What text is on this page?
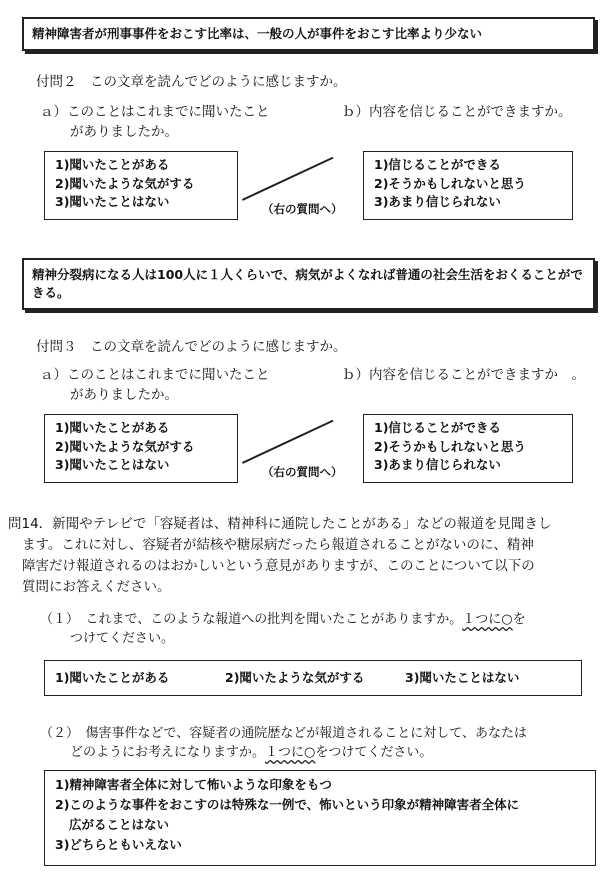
精神障害者が刑事事件をおこす比率は、一般の人が事件をおこす比率より少ない
付問２　この文章を読んでどのように感じますか。
ａ）このことはこれまでに聞いたこと
がありましたか。
ｂ）内容を信じることができますか。
1)聞いたことがある
2)聞いたような気がする
3)聞いたことはない	（右の質問へ）
1)信じることができる
2)そうかもしれないと思う
3)あまり信じられない
精神分裂病になる人は100人に１人くらいで、病気がよくなれば普通の社会生活をおくることができる。
付問３　この文章を読んでどのように感じますか。
ａ）このことはこれまでに聞いたこと
がありましたか。
ｂ）内容を信じることができますか　。
1)聞いたことがある
2)聞いたような気がする
3)聞いたことはない	（右の質問へ）
1)信じることができる
2)そうかもしれないと思う
3)あまり信じられない
問14．新聞やテレビで「容疑者は、精神科に通院したことがある」などの報道を見聞きし
ます。これに対し、容疑者が結核や糖尿病だったら報道されることがないのに、精神
障害だけ報道されるのはおかしいという意見がありますが、このことについて以下の
質問にお答えください。
（１）　これまで、このような報道への批判を聞いたことがありますか。１つに○を
つけてください。
1)聞いたことがある	2)聞いたような気がする	3)聞いたことはない
（２）　傷害事件などで、容疑者の通院歴などが報道されることに対して、あなたは
どのようにお考えになりますか。１つに○をつけてください。
1)精神障害者全体に対して怖いような印象をもつ
2)このような事件をおこすのは特殊な一例で、怖いという印象が精神障害者全体に
広がることはない
3)どちらともいえない
